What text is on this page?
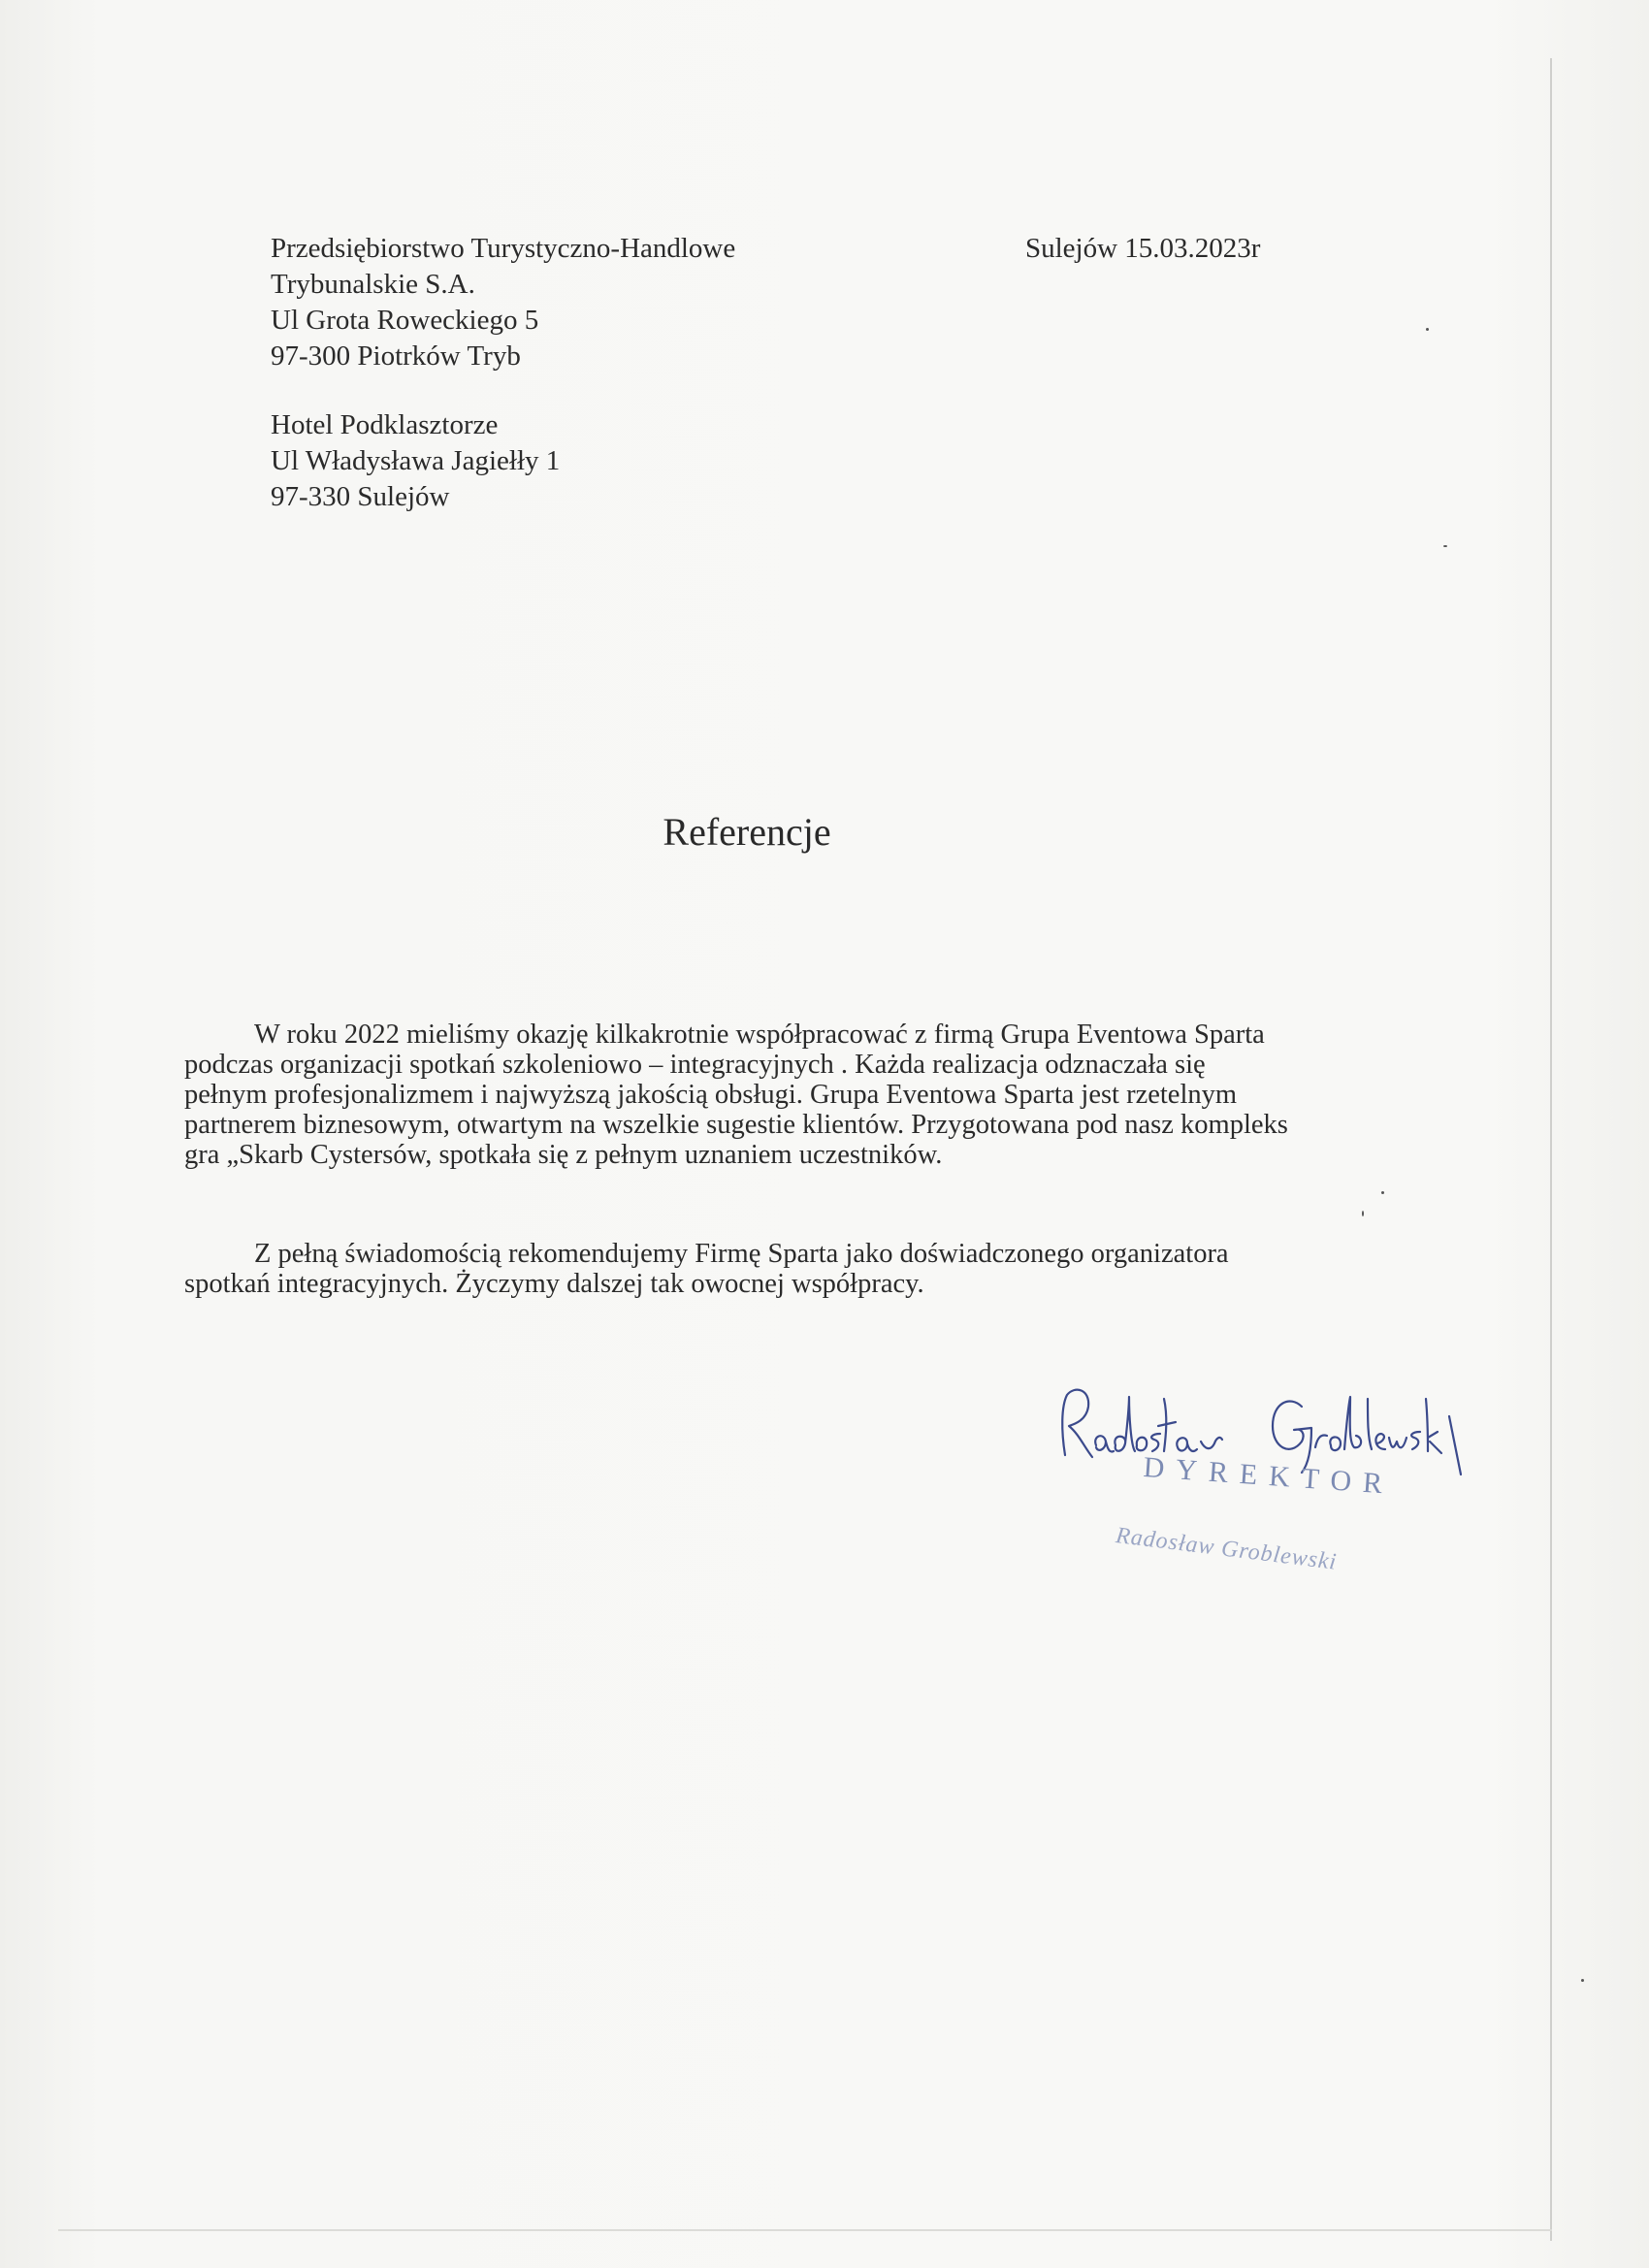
Przedsiębiorstwo Turystyczno-Handlowe
Trybunalskie S.A.
Ul Grota Roweckiego 5
97-300 Piotrków Tryb
Sulejów 15.03.2023r
Hotel Podklasztorze
Ul Władysława Jagiełły 1
97-330 Sulejów
Referencje
W roku 2022 mieliśmy okazję kilkakrotnie współpracować z firmą Grupa Eventowa Sparta
podczas organizacji spotkań szkoleniowo – integracyjnych . Każda realizacja odznaczała się
pełnym profesjonalizmem i najwyższą jakością obsługi. Grupa Eventowa Sparta jest rzetelnym
partnerem biznesowym, otwartym na wszelkie sugestie klientów. Przygotowana pod nasz kompleks
gra „Skarb Cystersów, spotkała się z pełnym uznaniem uczestników.
Z pełną świadomością rekomendujemy Firmę Sparta jako doświadczonego organizatora
spotkań integracyjnych. Życzymy dalszej tak owocnej współpracy.
DYREKTOR
Radosław Groblewski
